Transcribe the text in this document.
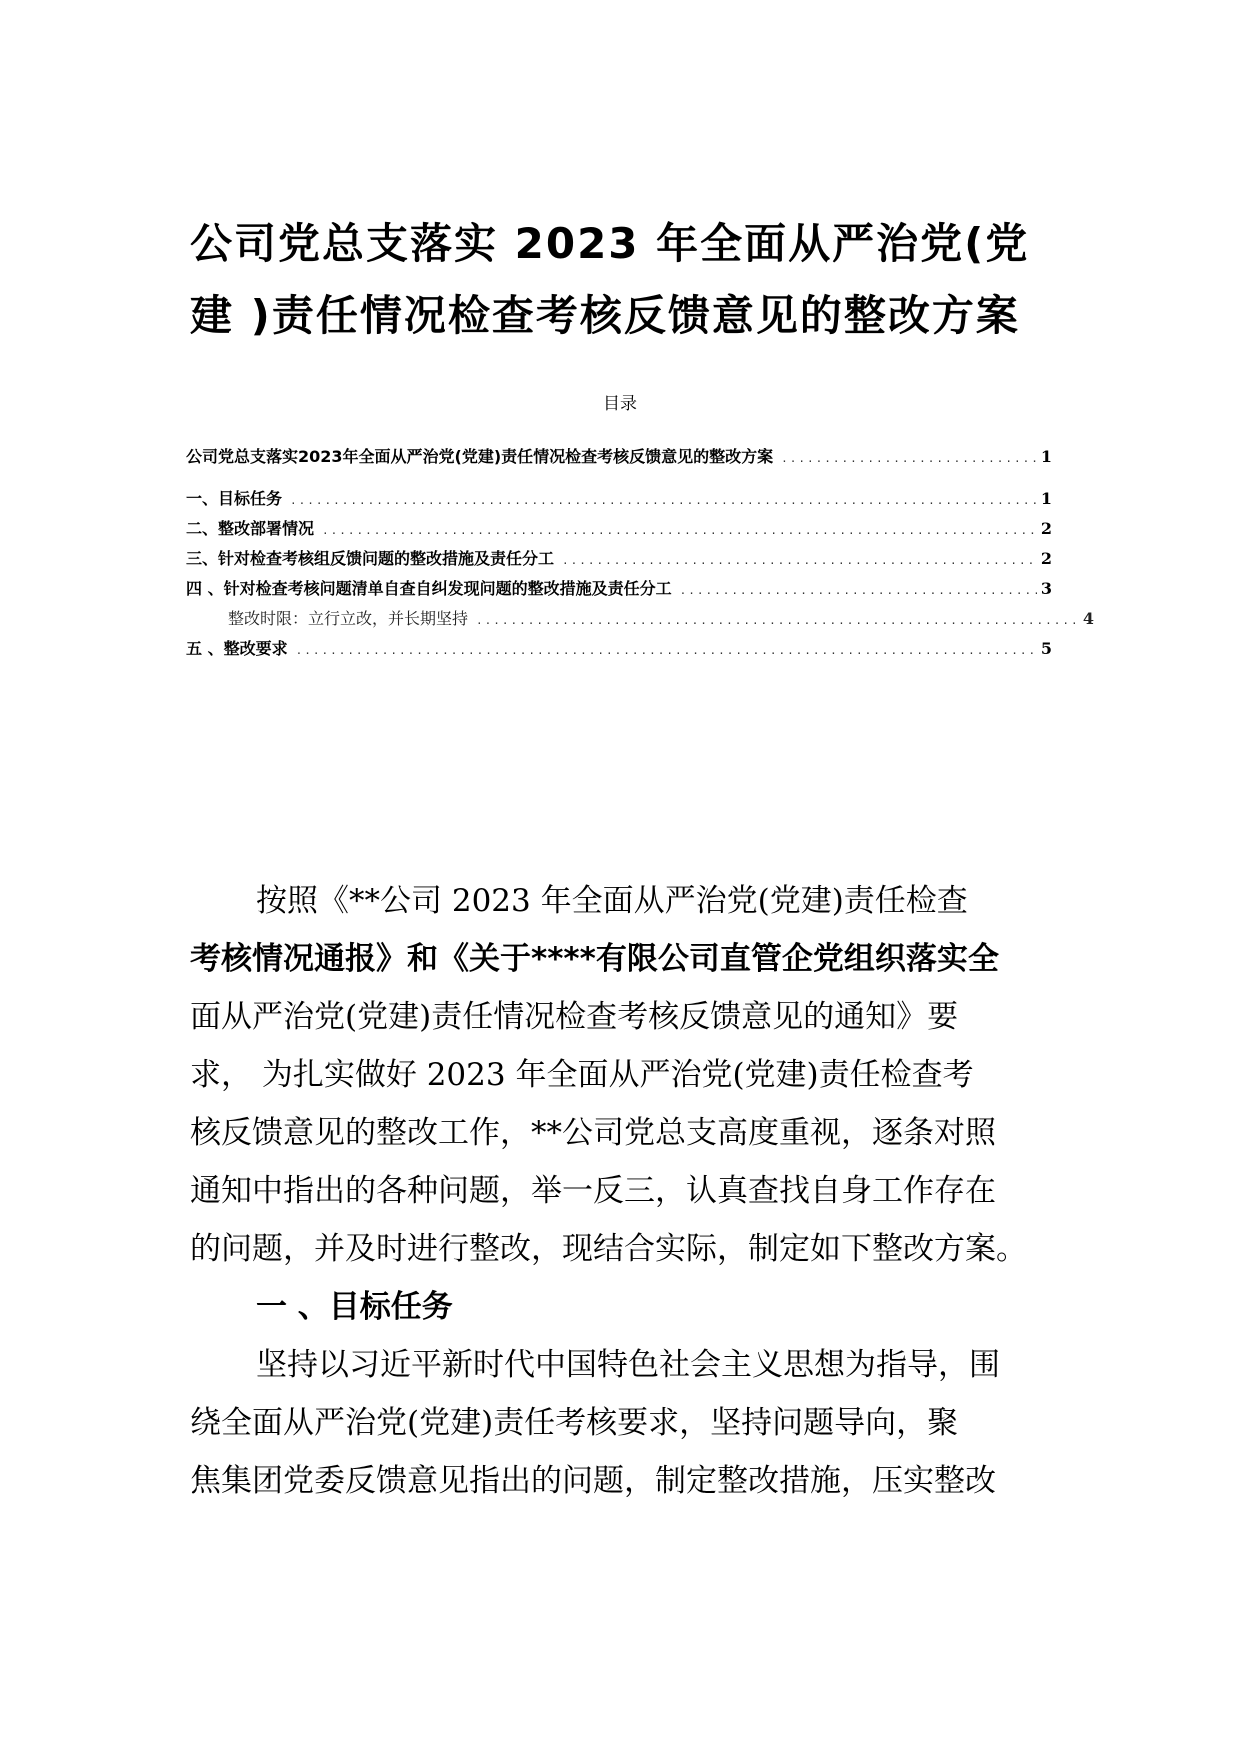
公司党总支落实 2023 年全面从严治党(党
建 )责任情况检查考核反馈意见的整改方案

目录

公司党总支落实2023年全面从严治党(党建)责任情况检查考核反馈意见的整改方案 .....	1
一、目标任务 .....	1
二、整改部署情况 .....	2
三、针对检查考核组反馈问题的整改措施及责任分工 .....	2
四 、针对检查考核问题清单自查自纠发现问题的整改措施及责任分工 .....	3
整改时限：立行立改，并长期坚持 .....	4
五 、整改要求 .....	5
按照《**公司 2023 年全面从严治党(党建)责任检查
考核情况通报》和《关于****有限公司直管企党组织落实全
面从严治党(党建)责任情况检查考核反馈意见的通知》要
求， 为扎实做好 2023 年全面从严治党(党建)责任检查考
核反馈意见的整改工作，**公司党总支高度重视，逐条对照
通知中指出的各种问题，举一反三，认真查找自身工作存在
的问题，并及时进行整改，现结合实际，制定如下整改方案。
一 、目标任务
坚持以习近平新时代中国特色社会主义思想为指导，围
绕全面从严治党(党建)责任考核要求，坚持问题导向，聚
焦集团党委反馈意见指出的问题，制定整改措施，压实整改
